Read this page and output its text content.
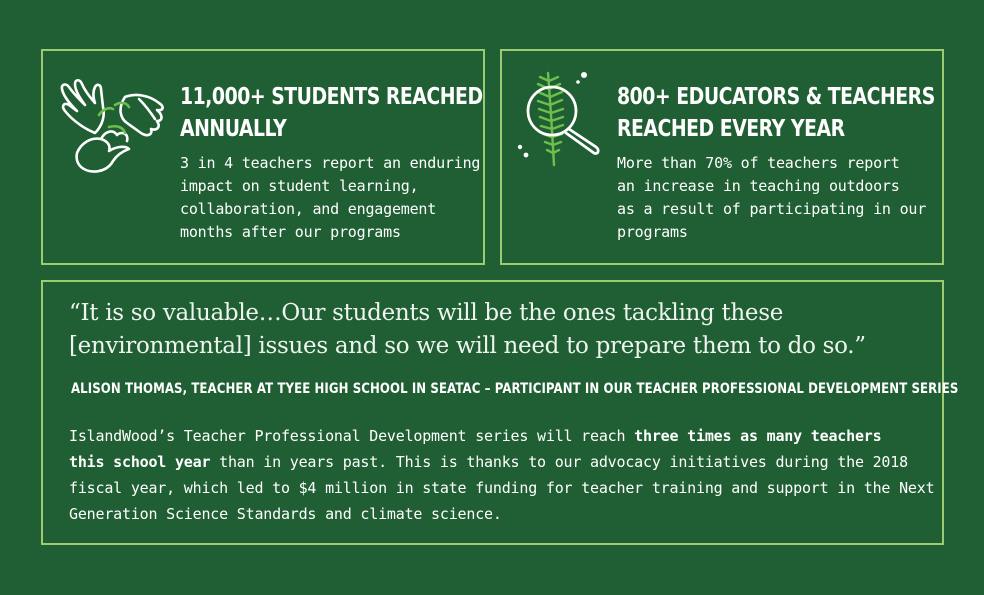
11,000+ STUDENTS REACHED
ANNUALLY
3 in 4 teachers report an enduring
impact on student learning,
collaboration, and engagement
months after our programs
800+ EDUCATORS & TEACHERS
REACHED EVERY YEAR
More than 70% of teachers report
an increase in teaching outdoors
as a result of participating in our
programs
“It is so valuable…Our students will be the ones tackling these
[environmental] issues and so we will need to prepare them to do so.”
ALISON THOMAS, TEACHER AT TYEE HIGH SCHOOL IN SEATAC – PARTICIPANT IN OUR TEACHER PROFESSIONAL DEVELOPMENT SERIES
IslandWood’s Teacher Professional Development series will reach three times as many teachers
this school year than in years past. This is thanks to our advocacy initiatives during the 2018
fiscal year, which led to $4 million in state funding for teacher training and support in the Next
Generation Science Standards and climate science.
